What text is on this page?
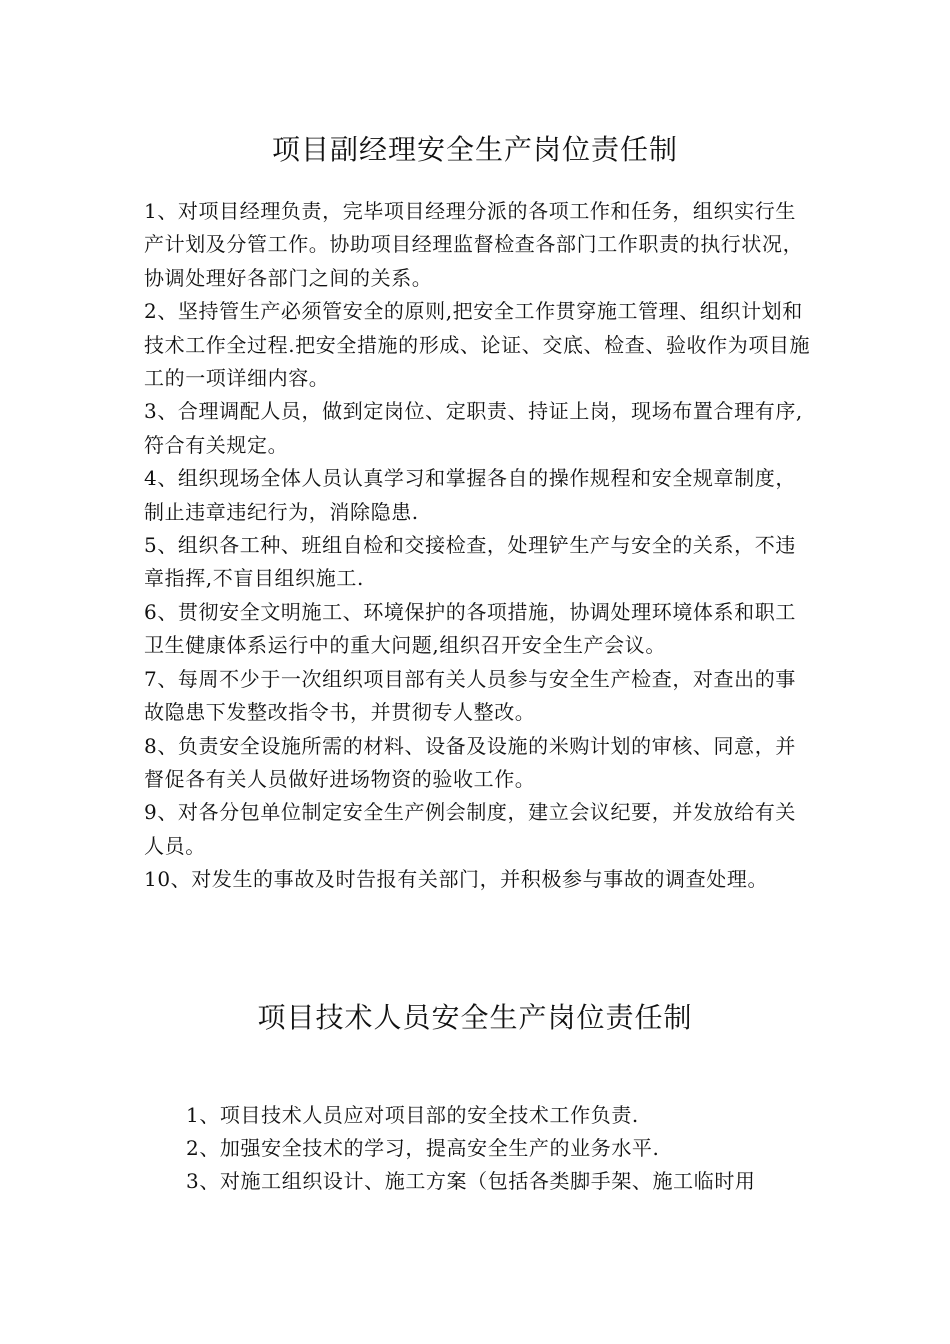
项目副经理安全生产岗位责任制

1、对项目经理负责，完毕项目经理分派的各项工作和任务，组织实行生产计划及分管工作。协助项目经理监督检查各部门工作职责的执行状况，协调处理好各部门之间的关系。

2、坚持管生产必须管安全的原则,把安全工作贯穿施工管理、组织计划和技术工作全过程.把安全措施的形成、论证、交底、检查、验收作为项目施工的一项详细内容。

3、合理调配人员，做到定岗位、定职责、持证上岗，现场布置合理有序,符合有关规定。

4、组织现场全体人员认真学习和掌握各自的操作规程和安全规章制度，制止违章违纪行为，消除隐患.

5、组织各工种、班组自检和交接检查，处理铲生产与安全的关系，不违章指挥,不盲目组织施工.

6、贯彻安全文明施工、环境保护的各项措施，协调处理环境体系和职工卫生健康体系运行中的重大问题,组织召开安全生产会议。

7、每周不少于一次组织项目部有关人员参与安全生产检查，对查出的事故隐患下发整改指令书，并贯彻专人整改。

8、负责安全设施所需的材料、设备及设施的米购计划的审核、同意，并督促各有关人员做好进场物资的验收工作。

9、对各分包单位制定安全生产例会制度，建立会议纪要，并发放给有关人员。

10、对发生的事故及时告报有关部门，并积极参与事故的调查处理。

项目技术人员安全生产岗位责任制

1、项目技术人员应对项目部的安全技术工作负责.

2、加强安全技术的学习，提高安全生产的业务水平.

3、对施工组织设计、施工方案（包括各类脚手架、施工临时用
